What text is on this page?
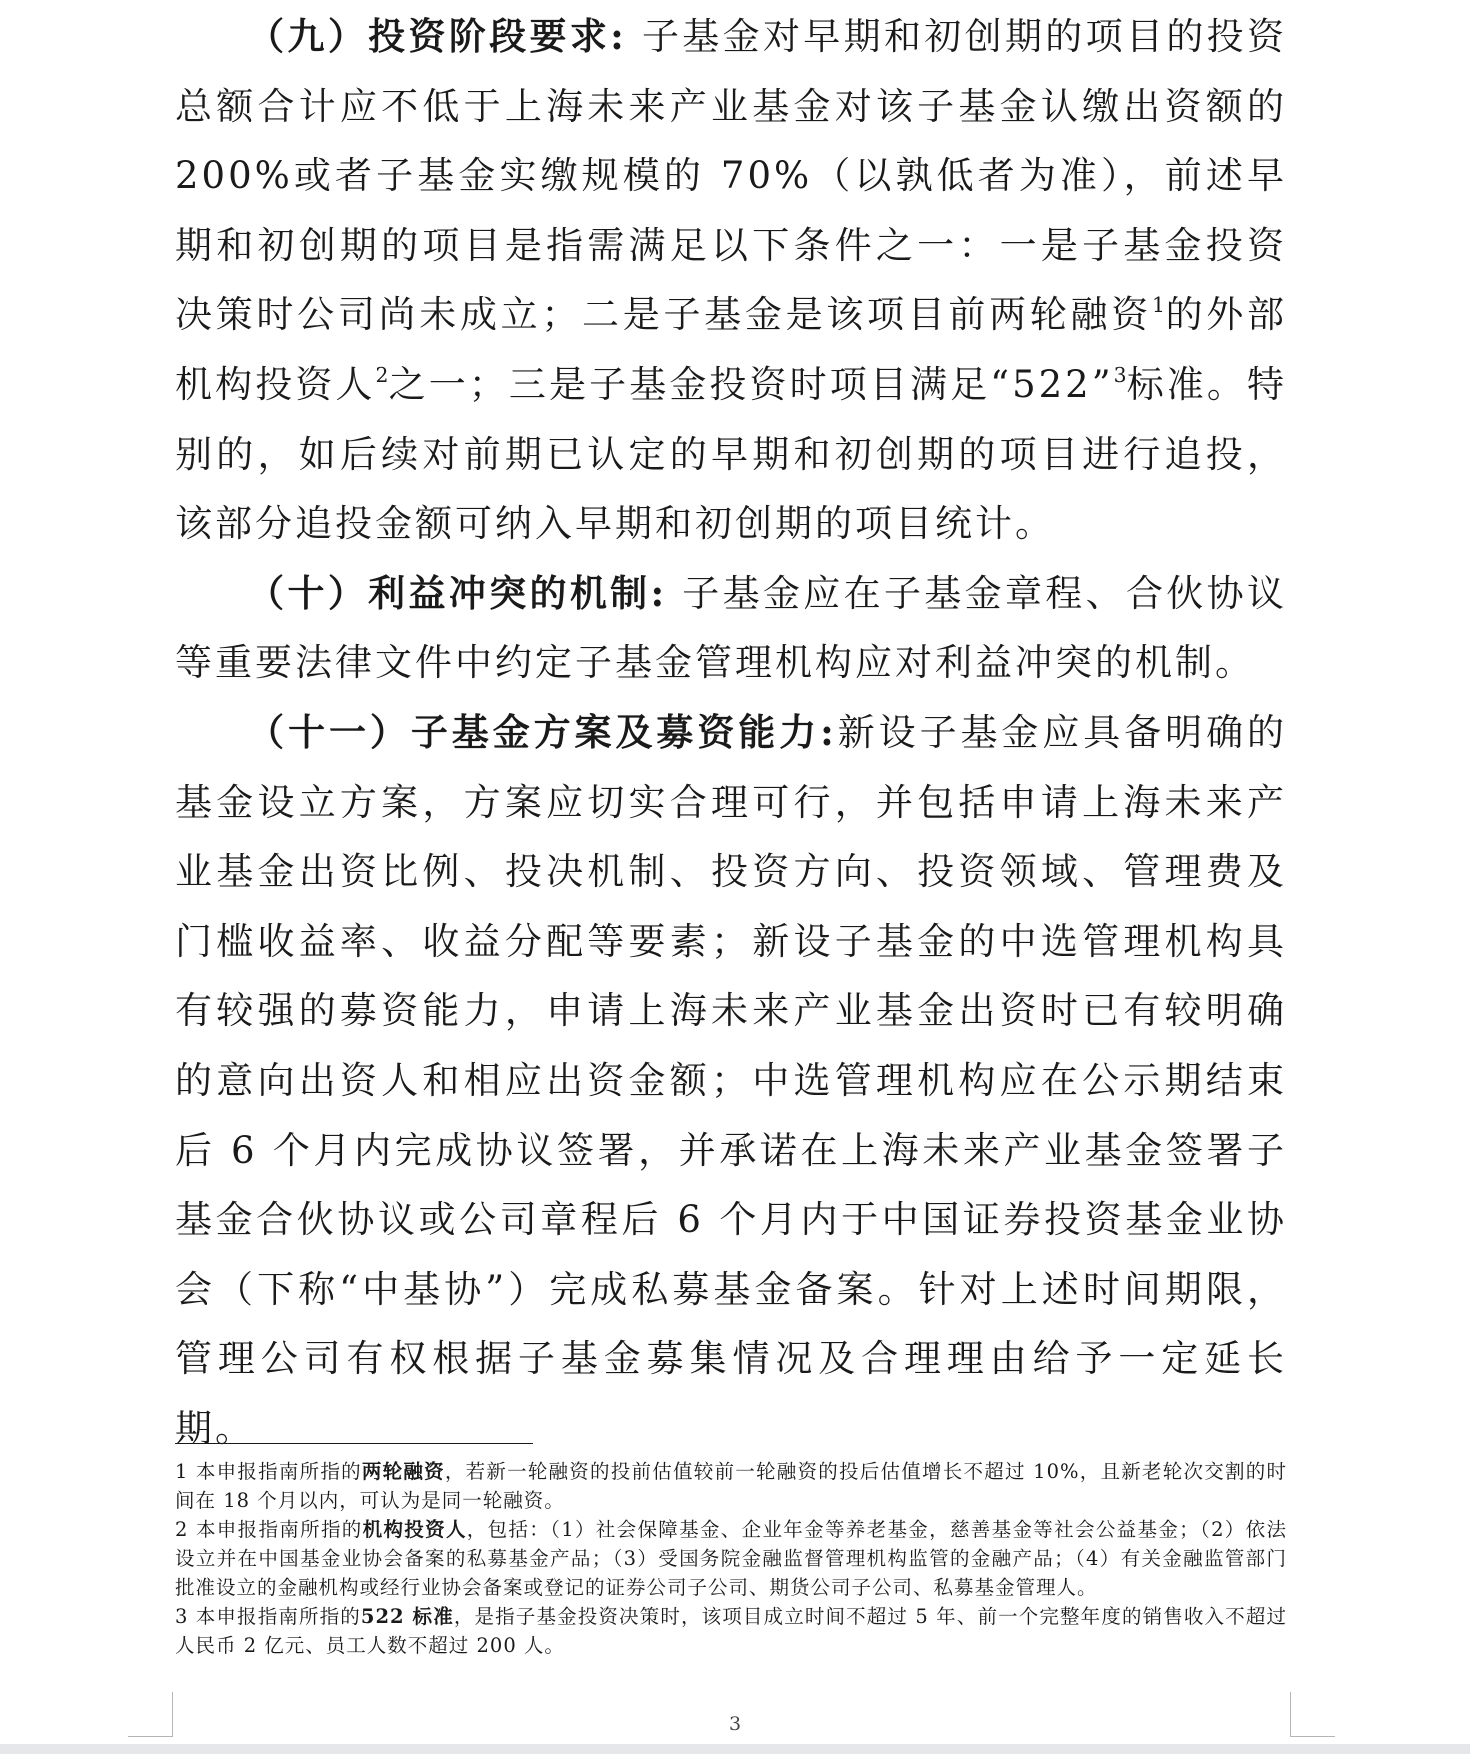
（九）投资阶段要求: 子基金对早期和初创期的项目的投资总额合计应不低于上海未来产业基金对该子基金认缴出资额的 200%或者子基金实缴规模的 70%（以孰低者为准），前述早期和初创期的项目是指需满足以下条件之一：一是子基金投资决策时公司尚未成立；二是子基金是该项目前两轮融资$^1$的外部机构投资人$^2$之一；三是子基金投资时项目满足“522”$^3$标准。特别的，如后续对前期已认定的早期和初创期的项目进行追投，该部分追投金额可纳入早期和初创期的项目统计。

（十）利益冲突的机制: 子基金应在子基金章程、合伙协议等重要法律文件中约定子基金管理机构应对利益冲突的机制。

（十一）子基金方案及募资能力:新设子基金应具备明确的基金设立方案，方案应切实合理可行，并包括申请上海未来产业基金出资比例、投决机制、投资方向、投资领域、管理费及门槛收益率、收益分配等要素；新设子基金的中选管理机构具有较强的募资能力，申请上海未来产业基金出资时已有较明确的意向出资人和相应出资金额；中选管理机构应在公示期结束后 6 个月内完成协议签署，并承诺在上海未来产业基金签署子基金合伙协议或公司章程后 6 个月内于中国证券投资基金业协会（下称“中基协”）完成私募基金备案。针对上述时间期限，管理公司有权根据子基金募集情况及合理理由给予一定延长期。

1 本申报指南所指的两轮融资，若新一轮融资的投前估值较前一轮融资的投后估值增长不超过 10%，且新老轮次交割的时间在 18 个月以内，可认为是同一轮融资。

2 本申报指南所指的机构投资人，包括：（1）社会保障基金、企业年金等养老基金，慈善基金等社会公益基金；（2）依法设立并在中国基金业协会备案的私募基金产品；（3）受国务院金融监督管理机构监管的金融产品；（4）有关金融监管部门批准设立的金融机构或经行业协会备案或登记的证券公司子公司、期货公司子公司、私募基金管理人。

3 本申报指南所指的522 标准，是指子基金投资决策时，该项目成立时间不超过 5 年、前一个完整年度的销售收入不超过人民币 2 亿元、员工人数不超过 200 人。

3
